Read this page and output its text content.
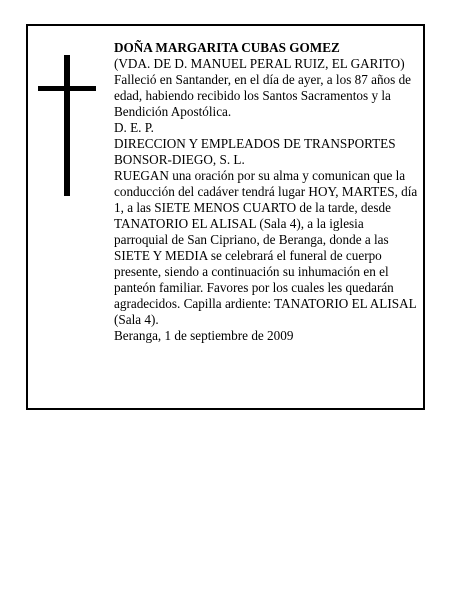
DOÑA MARGARITA CUBAS GOMEZ

(VDA. DE D. MANUEL PERAL RUIZ, EL GARITO)

Falleció en Santander, en el día de ayer, a los 87 años de edad, habiendo recibido los Santos Sacramentos y la Bendición Apostólica.

D. E. P.

DIRECCION Y EMPLEADOS DE TRANSPORTES BONSOR-DIEGO, S. L.

RUEGAN una oración por su alma y comunican que la conducción del cadáver tendrá lugar HOY, MARTES, día 1, a las SIETE MENOS CUARTO de la tarde, desde TANATORIO EL ALISAL (Sala 4), a la iglesia parroquial de San Cipriano, de Beranga, donde a las SIETE Y MEDIA se celebrará el funeral de cuerpo presente, siendo a continuación su inhumación en el panteón familiar. Favores por los cuales les quedarán agradecidos. Capilla ardiente: TANATORIO EL ALISAL (Sala 4).

Beranga, 1 de septiembre de 2009
